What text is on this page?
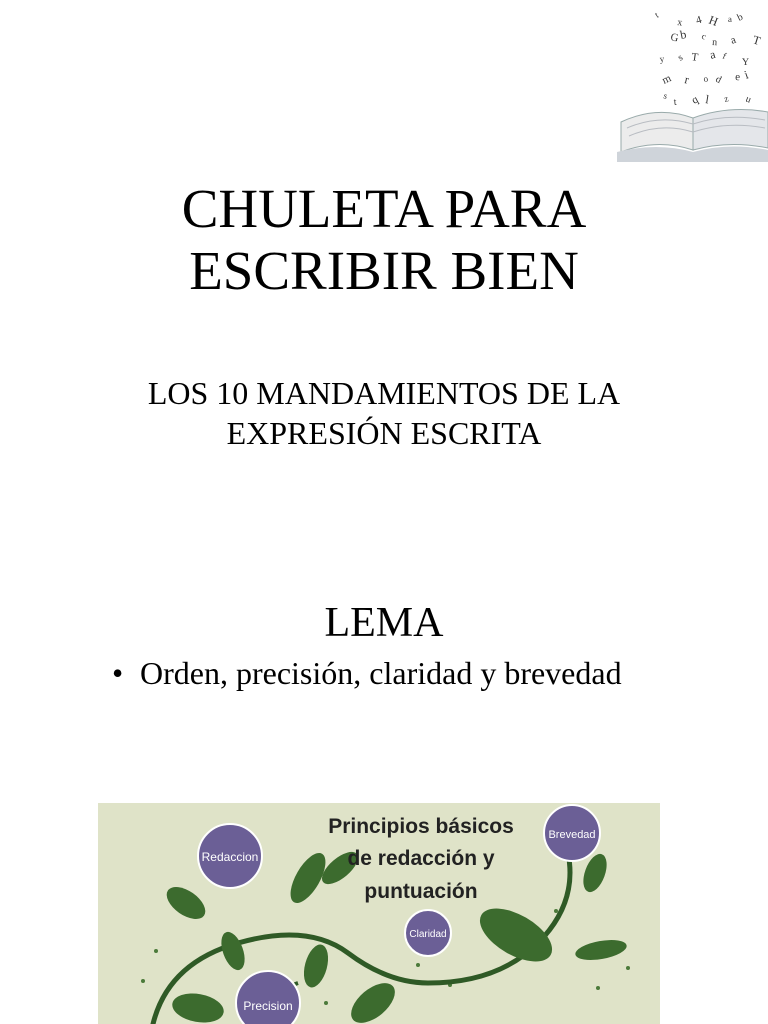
t
x 4 H a b
G b c
n a T
y s T a f
Y
m r o d e i
s
t q l z u
CHULETA PARA
ESCRIBIR BIEN

LOS 10 MANDAMIENTOS DE LA
EXPRESIÓN ESCRITA

LEMA

• Orden, precisión, claridad y brevedad
Principios básicos
de redacción y
puntuación
Redaccion
Brevedad
Claridad
Precision
